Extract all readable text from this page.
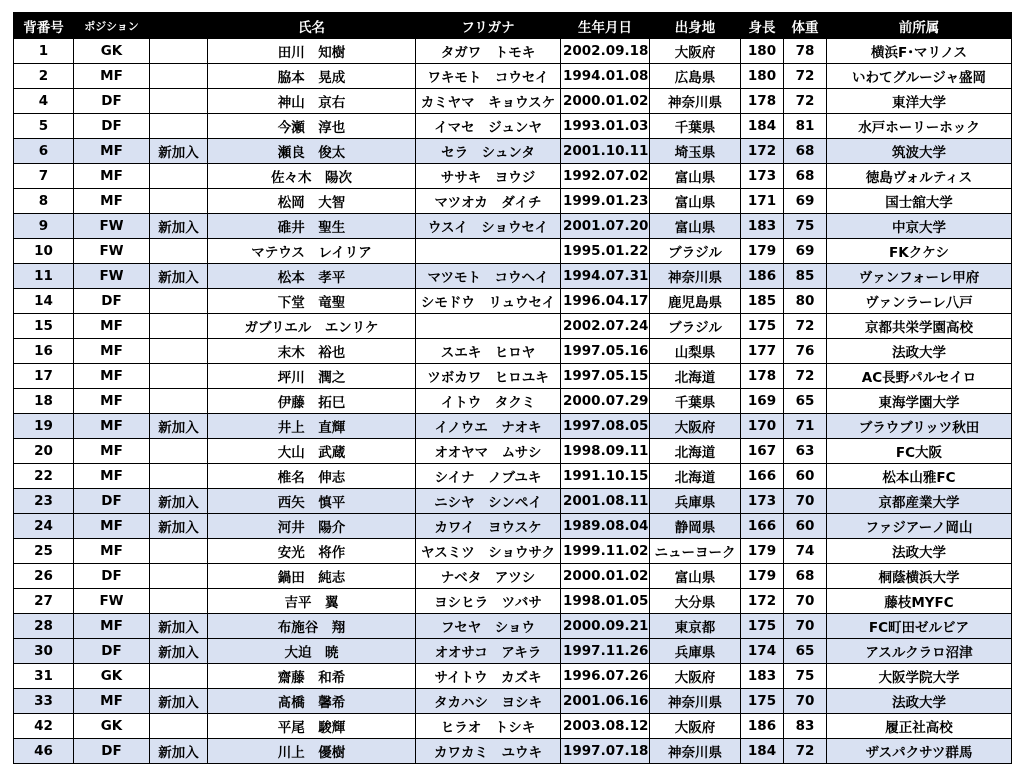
背番号	ポジション		氏名	フリガナ	生年月日	出身地	身長	体重	前所属
1	GK		田川　知樹	タガワ　トモキ	2002.09.18	大阪府	180	78	横浜F･マリノス
2	MF		脇本　晃成	ワキモト　コウセイ	1994.01.08	広島県	180	72	いわてグルージャ盛岡
4	DF		神山　京右	カミヤマ　キョウスケ	2000.01.02	神奈川県	178	72	東洋大学
5	DF		今瀬　淳也	イマセ　ジュンヤ	1993.01.03	千葉県	184	81	水戸ホーリーホック
6	MF	新加入	瀬良　俊太	セラ　シュンタ	2001.10.11	埼玉県	172	68	筑波大学
7	MF		佐々木　陽次	ササキ　ヨウジ	1992.07.02	富山県	173	68	徳島ヴォルティス
8	MF		松岡　大智	マツオカ　ダイチ	1999.01.23	富山県	171	69	国士舘大学
9	FW	新加入	碓井　聖生	ウスイ　ショウセイ	2001.07.20	富山県	183	75	中京大学
10	FW		マテウス　レイリア		1995.01.22	ブラジル	179	69	FKクケシ
11	FW	新加入	松本　孝平	マツモト　コウヘイ	1994.07.31	神奈川県	186	85	ヴァンフォーレ甲府
14	DF		下堂　竜聖	シモドウ　リュウセイ	1996.04.17	鹿児島県	185	80	ヴァンラーレ八戸
15	MF		ガブリエル　エンリケ		2002.07.24	ブラジル	175	72	京都共栄学園高校
16	MF		末木　裕也	スエキ　ヒロヤ	1997.05.16	山梨県	177	76	法政大学
17	MF		坪川　潤之	ツボカワ　ヒロユキ	1997.05.15	北海道	178	72	AC長野パルセイロ
18	MF		伊藤　拓巳	イトウ　タクミ	2000.07.29	千葉県	169	65	東海学園大学
19	MF	新加入	井上　直輝	イノウエ　ナオキ	1997.08.05	大阪府	170	71	ブラウブリッツ秋田
20	MF		大山　武蔵	オオヤマ　ムサシ	1998.09.11	北海道	167	63	FC大阪
22	MF		椎名　伸志	シイナ　ノブユキ	1991.10.15	北海道	166	60	松本山雅FC
23	DF	新加入	西矢　慎平	ニシヤ　シンペイ	2001.08.11	兵庫県	173	70	京都産業大学
24	MF	新加入	河井　陽介	カワイ　ヨウスケ	1989.08.04	静岡県	166	60	ファジアーノ岡山
25	MF		安光　将作	ヤスミツ　ショウサク	1999.11.02	ニューヨーク	179	74	法政大学
26	DF		鍋田　純志	ナベタ　アツシ	2000.01.02	富山県	179	68	桐蔭横浜大学
27	FW		吉平　翼	ヨシヒラ　ツバサ	1998.01.05	大分県	172	70	藤枝MYFC
28	MF	新加入	布施谷　翔	フセヤ　ショウ	2000.09.21	東京都	175	70	FC町田ゼルビア
30	DF	新加入	大迫　暁	オオサコ　アキラ	1997.11.26	兵庫県	174	65	アスルクラロ沼津
31	GK		齋藤　和希	サイトウ　カズキ	1996.07.26	大阪府	183	75	大阪学院大学
33	MF	新加入	髙橋　馨希	タカハシ　ヨシキ	2001.06.16	神奈川県	175	70	法政大学
42	GK		平尾　駿輝	ヒラオ　トシキ	2003.08.12	大阪府	186	83	履正社高校
46	DF	新加入	川上　優樹	カワカミ　ユウキ	1997.07.18	神奈川県	184	72	ザスパクサツ群馬
